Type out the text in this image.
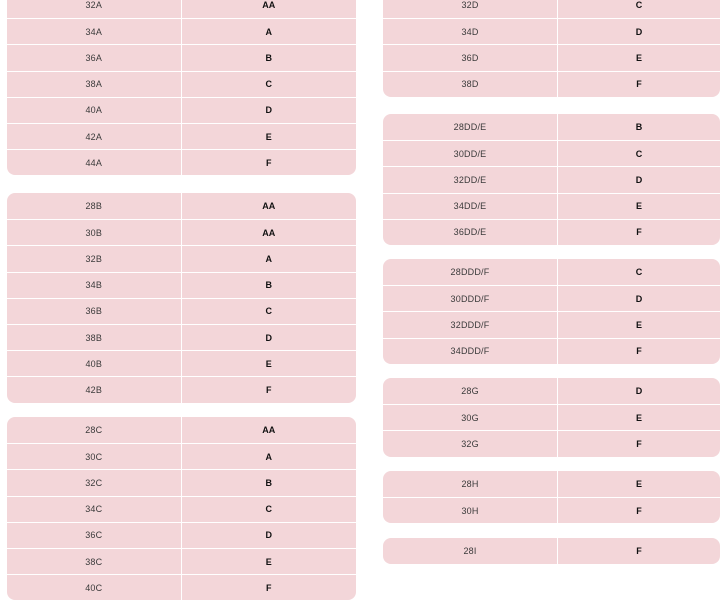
32A	AA
34A	A
36A	B
38A	C
40A	D
42A	E
44A	F
28B	AA
30B	AA
32B	A
34B	B
36B	C
38B	D
40B	E
42B	F
28C	AA
30C	A
32C	B
34C	C
36C	D
38C	E
40C	F
32D	C
34D	D
36D	E
38D	F
28DD/E	B
30DD/E	C
32DD/E	D
34DD/E	E
36DD/E	F
28DDD/F	C
30DDD/F	D
32DDD/F	E
34DDD/F	F
28G	D
30G	E
32G	F
28H	E
30H	F
28I	F
